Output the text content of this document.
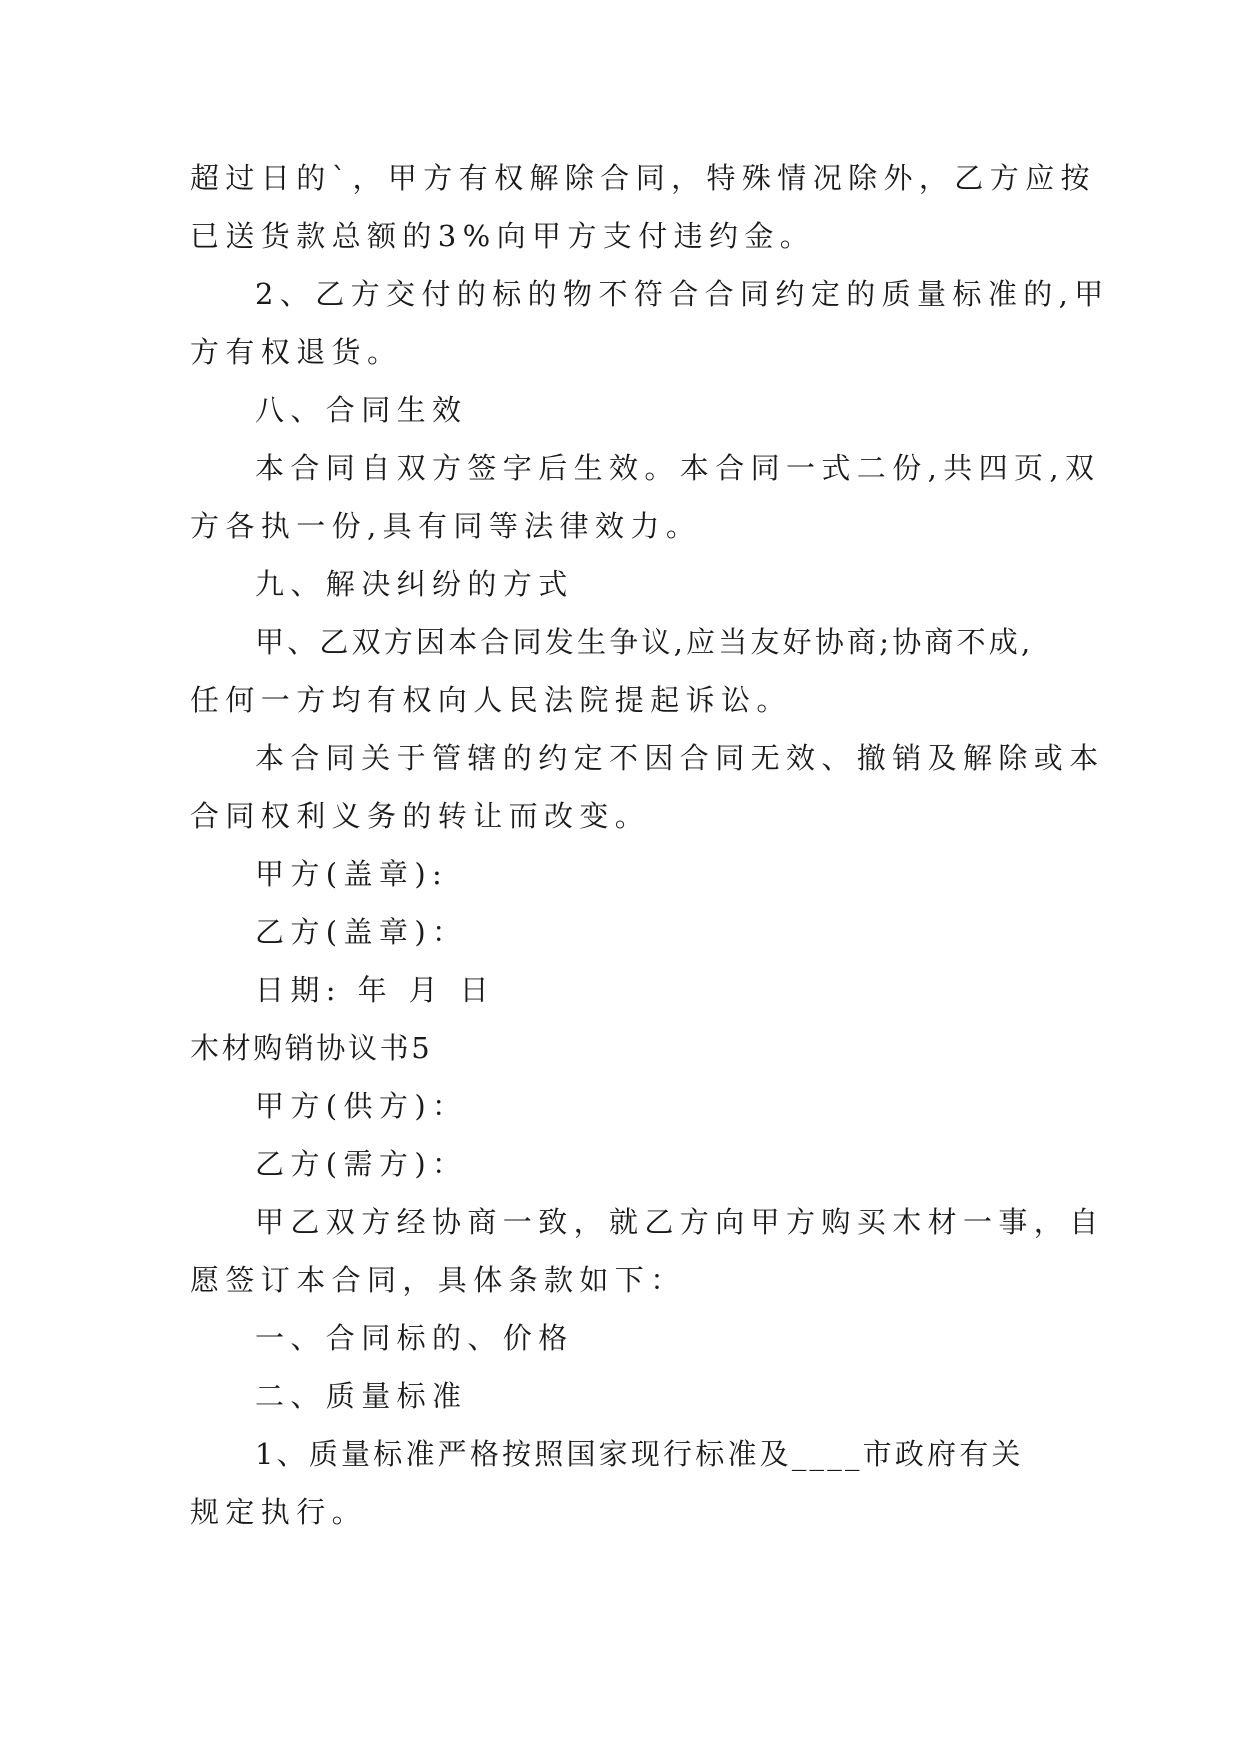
超过日的`，甲方有权解除合同，特殊情况除外，乙方应按
已送货款总额的3%向甲方支付违约金。
2、乙方交付的标的物不符合合同约定的质量标准的,甲
方有权退货。
八、合同生效
本合同自双方签字后生效。本合同一式二份,共四页,双
方各执一份,具有同等法律效力。
九、解决纠纷的方式
甲、乙双方因本合同发生争议,应当友好协商;协商不成,
任何一方均有权向人民法院提起诉讼。
本合同关于管辖的约定不因合同无效、撤销及解除或本
合同权利义务的转让而改变。
甲方(盖章):
乙方(盖章)：
日期: 年 月 日
木材购销协议书5
甲方(供方)：
乙方(需方)：
甲乙双方经协商一致，就乙方向甲方购买木材一事，自
愿签订本合同，具体条款如下：
一、合同标的、价格
二、质量标准
1、质量标准严格按照国家现行标准及____市政府有关
规定执行。
